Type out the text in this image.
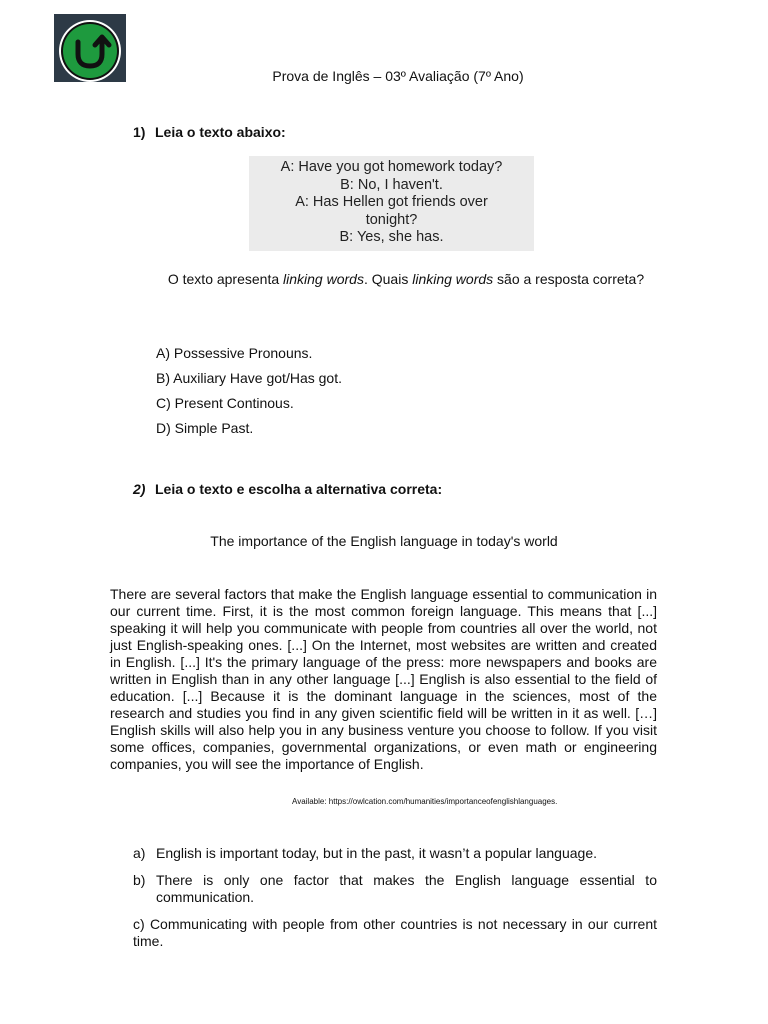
Prova de Inglês – 03º Avaliação (7º Ano)
1) Leia o texto abaixo:
A: Have you got homework today?
B: No, I haven't.
A: Has Hellen got friends over
tonight?
B: Yes, she has.
O texto apresenta linking words. Quais linking words são a resposta correta?
A) Possessive Pronouns.
B) Auxiliary Have got/Has got.
C) Present Continous.
D) Simple Past.
2) Leia o texto e escolha a alternativa correta:
The importance of the English language in today's world
There are several factors that make the English language essential to communication in our current time. First, it is the most common foreign language. This means that [...] speaking it will help you communicate with people from countries all over the world, not just English-speaking ones. [...] On the Internet, most websites are written and created in English. [...] It's the primary language of the press: more newspapers and books are written in English than in any other language [...] English is also essential to the field of education. [...] Because it is the dominant language in the sciences, most of the research and studies you find in any given scientific field will be written in it as well. […] English skills will also help you in any business venture you choose to follow. If you visit some offices, companies, governmental organizations, or even math or engineering companies, you will see the importance of English.
Available: https://owlcation.com/humanities/importanceofenglishlanguages.
a) English is important today, but in the past, it wasn’t a popular language.
b) There is only one factor that makes the English language essential to communication.
c) Communicating with people from other countries is not necessary in our current time.
